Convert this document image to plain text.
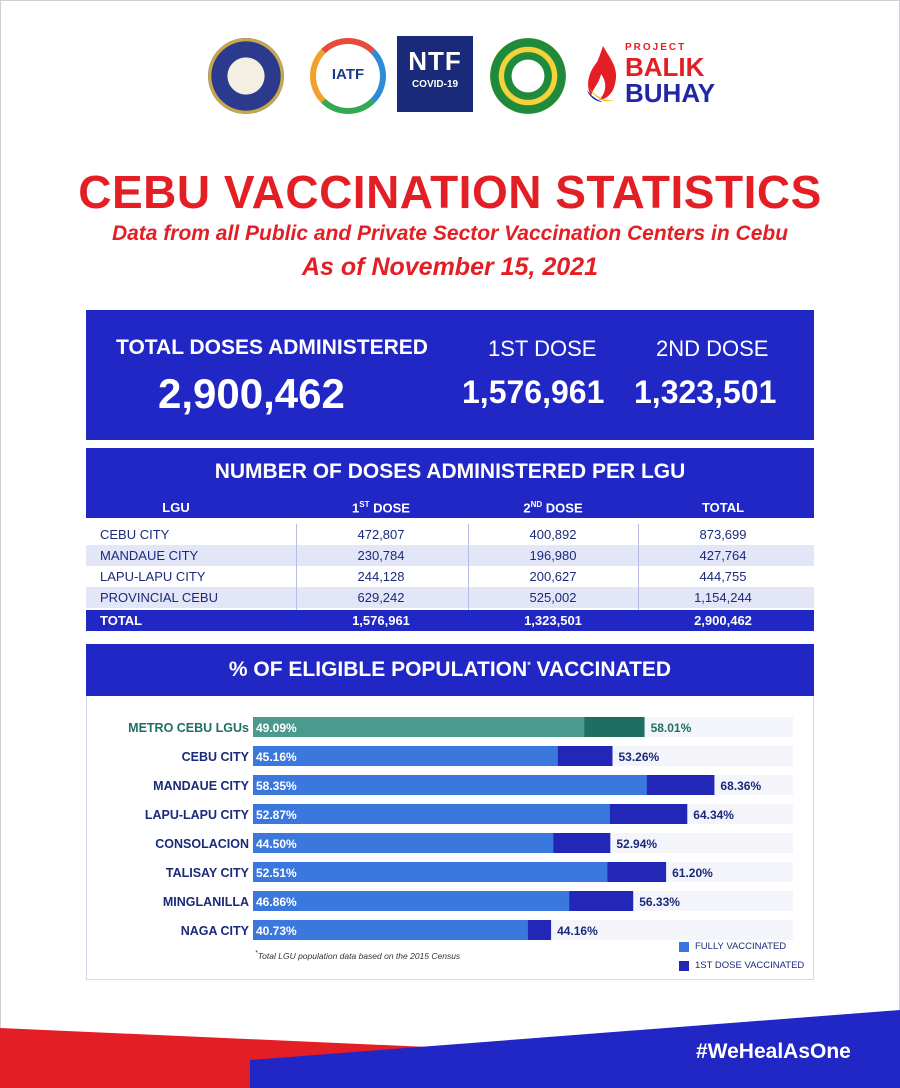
IATF	NTF
COVID-19
PROJECT
BALIK
BUHAY
CEBU VACCINATION STATISTICS
Data from all Public and Private Sector Vaccination Centers in Cebu
As of November 15, 2021
TOTAL DOSES ADMINISTERED
2,900,462
1ST DOSE
1,576,961
2ND DOSE
1,323,501
NUMBER OF DOSES ADMINISTERED PER LGU
LGU	1ST DOSE	2ND DOSE	TOTAL
CEBU CITY	472,807	400,892	873,699
MANDAUE CITY	230,784	196,980	427,764
LAPU-LAPU CITY	244,128	200,627	444,755
PROVINCIAL CEBU	629,242	525,002	1,154,244
TOTAL	1,576,961	1,323,501	2,900,462
% OF ELIGIBLE POPULATION* VACCINATED
METRO CEBU LGUs 49.09%	58.01%
CEBU CITY 45.16%	53.26%
MANDAUE CITY 58.35%	68.36%
LAPU-LAPU CITY 52.87%	64.34%
CONSOLACION 44.50%	52.94%
TALISAY CITY 52.51%	61.20%
MINGLANILLA 46.86%	56.33%
NAGA CITY 40.73%	44.16%
*Total LGU population data based on the 2015 Census
FULLY VACCINATED
1ST DOSE VACCINATED
#WeHealAsOne
